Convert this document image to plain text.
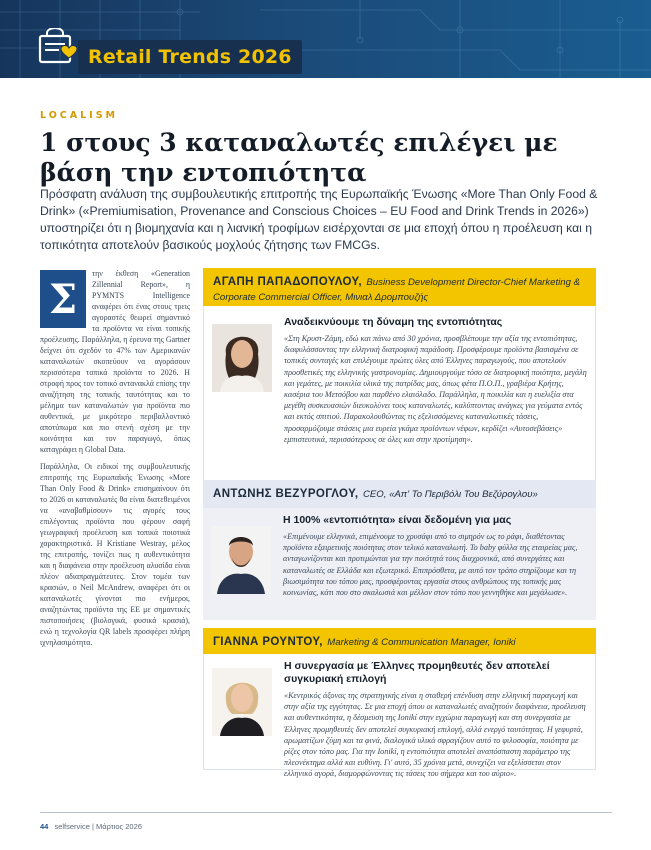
Retail Trends 2026
LOCALISM
1 στους 3 καταναλωτές επιλέγει με βάση την εντοπιότητα

Πρόσφατη ανάλυση της συμβουλευτικής επιτροπής της Ευρωπαϊκής Ένωσης «More Than Only Food & Drink» («Premiumisation, Provenance and Conscious Choices – EU Food and Drink Trends in 2026») υποστηρίζει ότι η βιομηχανία και η λιανική τροφίμων εισέρχονται σε μια εποχή όπου η προέλευση και η τοπικότητα αποτελούν βασικούς μοχλούς ζήτησης των FMCGs.

Σ

την έκθεση «Generation Zillennial Report», η PYMNTS Intelligence αναφέρει ότι ένας στους τρεις αγοραστές θεωρεί σημαντικό τα προϊόντα να είναι τοπικής προέλευσης. Παράλληλα, η έρευνα της Gartner δείχνει ότι σχεδόν το 47% των Αμερικανών καταναλωτών σκοπεύουν να αγοράσουν περισσότερα τοπικά προϊόντα το 2026. Η στροφή προς τον τοπικό αντανακλά επίσης την αναζήτηση της τοπικής ταυτότητας και το μέλημα των καταναλωτών για προϊόντα πιο αυθεντικά, με μικρότερο περιβαλλοντικό αποτύπωμα και πιο στενή σχέση με την κοινότητα και τον παραγωγό, όπως καταγράφει η Global Data.

Παράλληλα, Οι ειδικοί της συμβουλευτικής επιτροπής της Ευρωπαϊκής Ένωσης «More Than Only Food & Drink» επισημαίνουν ότι το 2026 οι καταναλωτές θα είναι διατεθειμένοι να «αναβαθμίσουν» τις αγορές τους επιλέγοντας προϊόντα που φέρουν σαφή γεωγραφική προέλευση και τοπικά ποιοτικά χαρακτηριστικά. Η Kristiane Westray, μέλος της επιτροπής, τονίζει πως η αυθεντικότητα και η διαφάνεια στην προέλευση αλυσίδα είναι πλέον αδιαπραγμάτευτες. Στον τομέα των κρασιών, ο Neil McAndrew, αναφέρει ότι οι καταναλωτές γίνονται πιο ενήμεροι, αναζητώντας προϊόντα της ΕΕ με σημαντικές πιστοποιήσεις (βιολογικά, φυσικά κρασιά), ενώ η τεχνολογία QR labels προσφέρει πλήρη ιχνηλασιμότητα.

ΑΓΑΠΗ ΠΑΠΑΔΟΠΟΥΛΟΥ, Business Development Director-Chief Marketing & Corporate Commercial Officer, Μινιαλ Δρομπουζής
Αναδεικνύουμε τη δύναμη της εντοπιότητας
«Στη Κρυστ-Ζάμη, εδώ και πάνω από 30 χρόνια, προσβλέπουμε την αξία της εντοπιότητας, διαφυλάσσοντας την ελληνική διατροφική παράδοση. Προσφέρουμε προϊόντα βασισμένα σε τοπικές συνταγές και επιλέγουμε πρώτες ύλες από Έλληνες παραγωγούς, που αποτελούν προσθετικές της ελληνικής γαστρονομίας. Δημιουργούμε τόσο σε διατροφική ποιότητα, μεγάλη και γεμάτες, με ποικιλία υλικά της πατρίδας μας, όπως φέτα Π.Ο.Π., γραβιέρα Κρήτης, κασέρια του Μετσόβου και παρθένο ελαιόλαδο. Παράλληλα, η ποικιλία και η ευελιξία στα μεγέθη συσκευασιών διευκολύνει τους καταναλωτές, καλύπτοντας ανάγκες για γεύματα εντός και εκτός σπιτιού. Παρακολουθώντας τις εξελισσόμενες καταναλωτικές τάσεις, προσαρμόζουμε στάσεις μια ευρεία γκάμα προϊόντων νέφων, κερδίζει «Αυτοσεβάσεις» εμπιστευτικά, περισσότερους σε όλες και στην προτίμηση».
ΑΝΤΩΝΗΣ ΒΕΖΥΡΟΓΛΟΥ, CEO, «Απ' Το Περιβόλι Του Βεζύρογλου»
Η 100% «εντοπιότητα» είναι δεδομένη για μας
«Επιμένουμε ελληνικά, επιμένουμε το χρυσάφι από το σιμηρόν ως το ράφι, διαθέτοντας προϊόντα εξαιρετικής ποιότητας στον τελικό καταναλωτή. Το baby φύλλα της εταιρείας μας, ανταγωνίζονται και προτιμώνται για την ποιότητά τους διαχρονικά, από συνεργάτες και καταναλωτές σε Ελλάδα και εξωτερικό. Επιπρόσθετα, με αυτό τον τρόπο στηρίζουμε και τη βιωσιμότητα του τόπου μας, προσφέροντας εργασία στους ανθρώπους της τοπικής μας κοινωνίας, κάτι που στο σκαλωσιά και μέλλον στον τόπο που γεννηθήκε και μεγάλωσε».
ΓΙΑΝΝΑ ΡΟΥΝΤΟΥ, Marketing & Communication Manager, Ionikί
Η συνεργασία με Έλληνες προμηθευτές δεν αποτελεί συγκυριακή επιλογή
«Κεντρικός άξονας της στρατηγικής είναι η σταθερή επένδυση στην ελληνική παραγωγή και στην αξία της εγγύτητας. Σε μια εποχή όπου οι καταναλωτές αναζητούν διαφάνεια, προέλευση και αυθεντικότητα, η δέσμευση της Ionikί στην εγχώρια παραγωγή και στη συνεργασία με Έλληνες προμηθευτές δεν αποτελεί συγκυριακή επιλογή, αλλά ενεργό ταυτότητας. Η γεφυρτά, αρωματίζων ζύμη και τα φινά, διαλογικά υλικά σφραγίζουν αυτό το φιλοσοφία, ποιότητα με ρίζες στον τόπο μας. Για την Ionikί, η εντοπιότητα αποτελεί αναπόσπαστη παράμετρο της πλεονέκτημα αλλά και ευθύνη. Γι' αυτό, 35 χρόνια μετά, συνεχίζει να εξελίσσεται στον ελληνικό αγορά, διαμορφώνοντας τις τάσεις του σήμερα και του αύριο».
44 selfservice | Μάρτιος 2026
